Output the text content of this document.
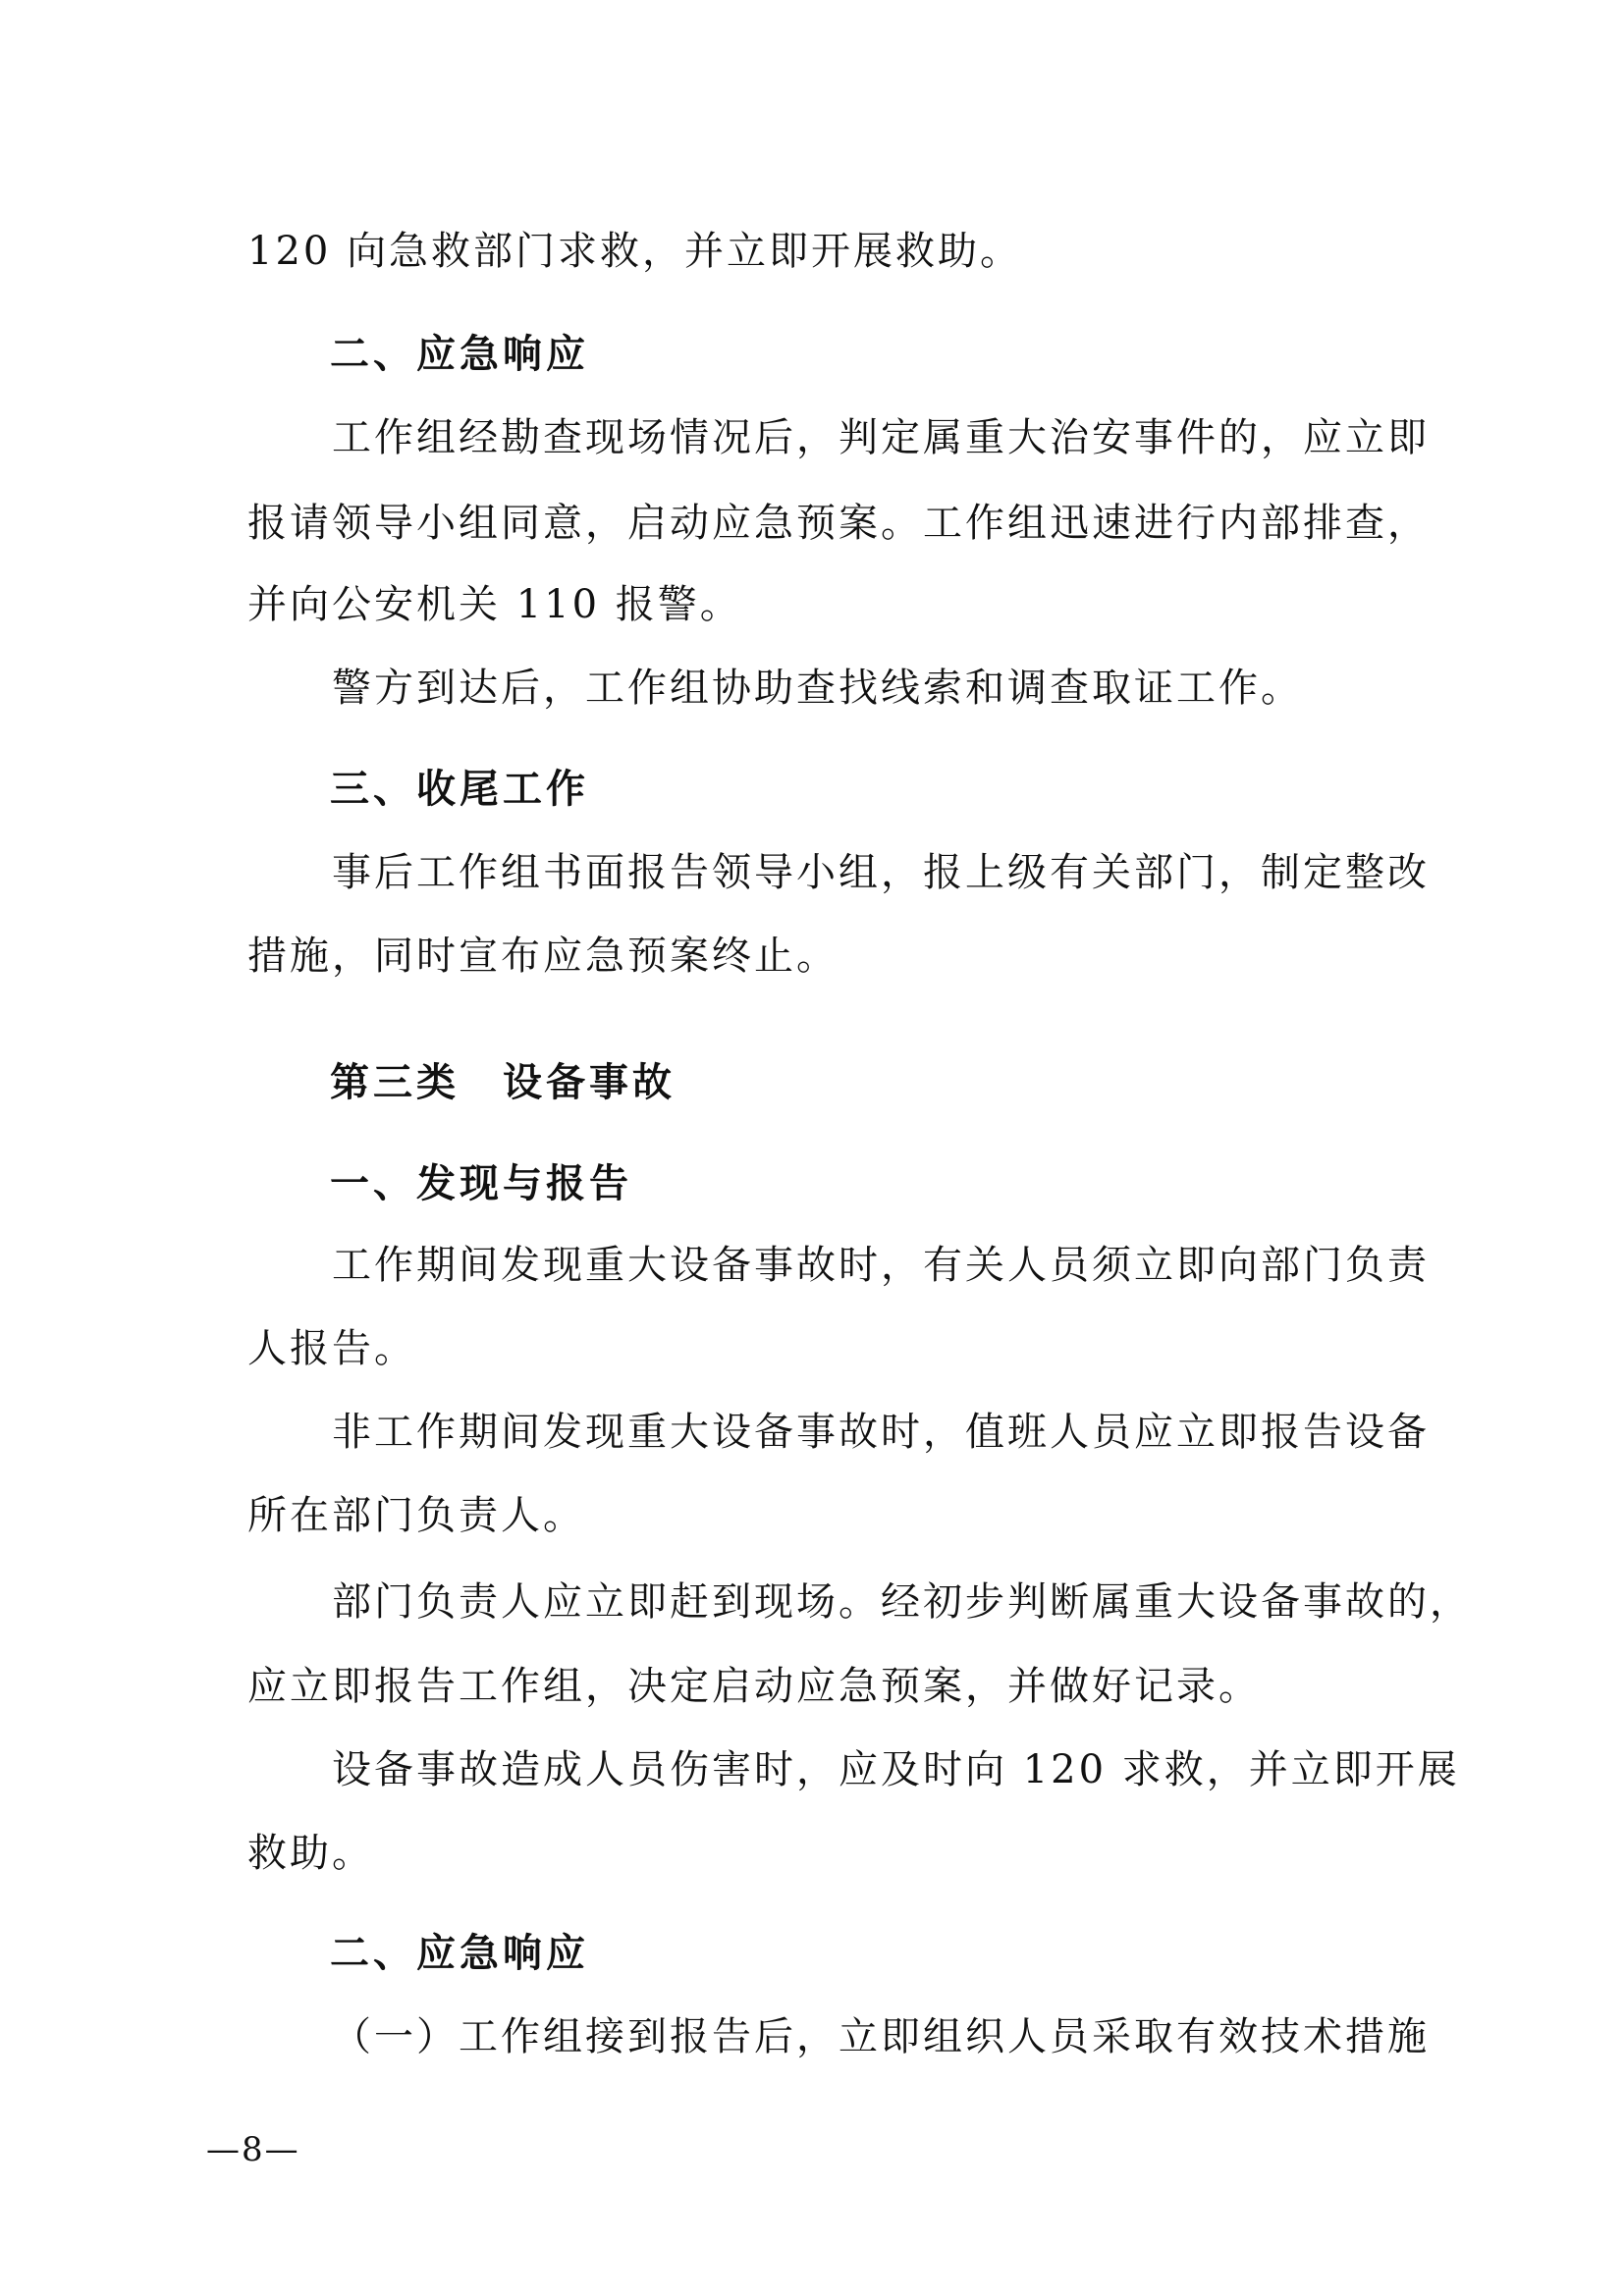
120 向急救部门求救，并立即开展救助。
二、应急响应
工作组经勘查现场情况后，判定属重大治安事件的，应立即
报请领导小组同意，启动应急预案。工作组迅速进行内部排查，
并向公安机关 110 报警。
警方到达后，工作组协助查找线索和调查取证工作。
三、收尾工作
事后工作组书面报告领导小组，报上级有关部门，制定整改
措施，同时宣布应急预案终止。
第三类　设备事故
一、发现与报告
工作期间发现重大设备事故时，有关人员须立即向部门负责
人报告。
非工作期间发现重大设备事故时，值班人员应立即报告设备
所在部门负责人。
部门负责人应立即赶到现场。经初步判断属重大设备事故的，
应立即报告工作组，决定启动应急预案，并做好记录。
设备事故造成人员伤害时，应及时向 120 求救，并立即开展
救助。
二、应急响应
（一）工作组接到报告后，立即组织人员采取有效技术措施
—8—
